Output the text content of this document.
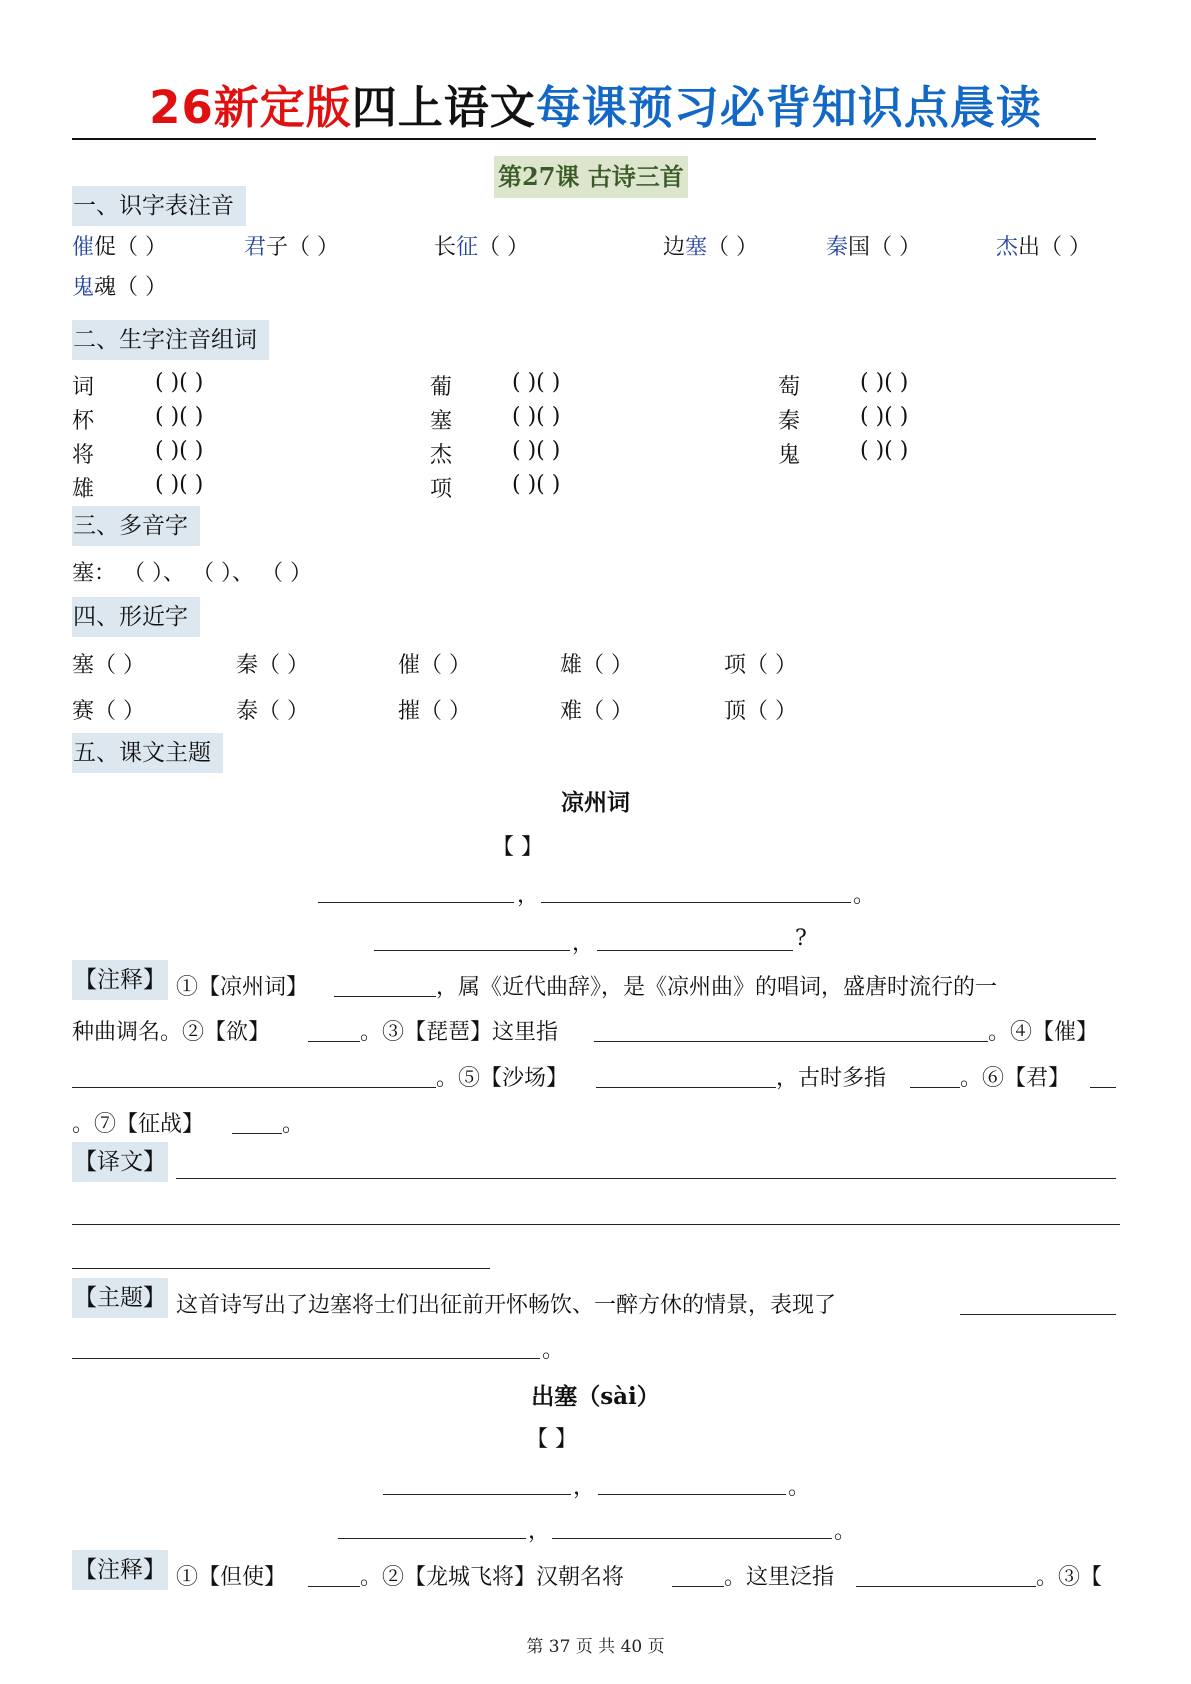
26新定版四上语文每课预习必背知识点晨读
第27课 古诗三首
一、识字表注音
催促（ ）	君子（ ）	长征（ ）	边塞（ ）	秦国（ ）	杰出（ ）
鬼魂（ ）
二、生字注音组词
词	( )( )	葡	( )( )	萄	( )( )
杯	( )( )	塞	( )( )	秦	( )( )
将	( )( )	杰	( )( )	鬼	( )( )
雄	( )( )	项	( )( )
三、多音字
塞： （ ）、 （ ）、 （ ）
四、形近字
塞（ ）	秦（ ）	催（ ）	雄（ ）	项（ ）
赛（ ）	泰（ ）	摧（ ）	难（ ）	顶（ ）
五、课文主题
凉州词
【 】
，	。
，	?
【注释】 ①【凉州词】	，属《近代曲辞》，是《凉州曲》的唱词，盛唐时流行的一
种曲调名。②【欲】	。③【琵琶】这里指	。④【催】
。⑤【沙场】	，古时多指	。⑥【君】
。⑦【征战】	。
【译文】
【主题】 这首诗写出了边塞将士们出征前开怀畅饮、一醉方休的情景，表现了
。
出塞（sài）
【 】
，	。
，	。
【注释】 ①【但使】	。②【龙城飞将】汉朝名将	。这里泛指	。③【
第 37 页 共 40 页
